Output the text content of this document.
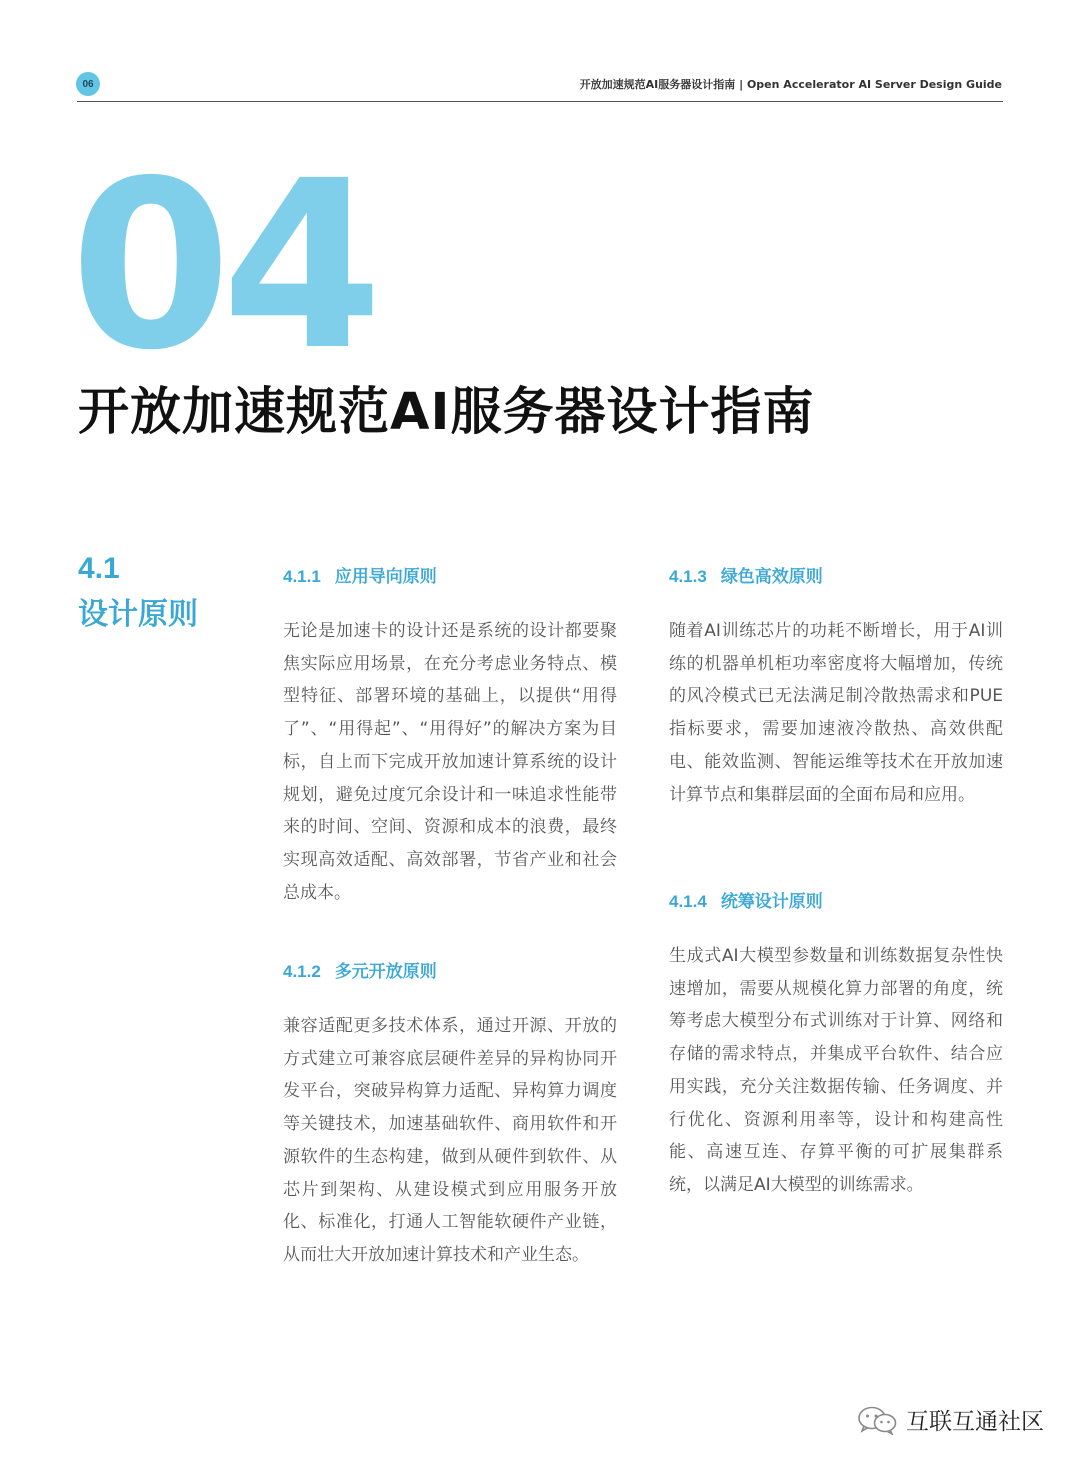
06	开放加速规范AI服务器设计指南 | Open Accelerator AI Server Design Guide
04
开放加速规范AI服务器设计指南
4.1
设计原则
4.1.1 应用导向原则

无论是加速卡的设计还是系统的设计都要聚焦实际应用场景，在充分考虑业务特点、模型特征、部署环境的基础上，以提供“用得了”、“用得起”、“用得好”的解决方案为目标，自上而下完成开放加速计算系统的设计规划，避免过度冗余设计和一味追求性能带来的时间、空间、资源和成本的浪费，最终实现高效适配、高效部署，节省产业和社会总成本。

4.1.2 多元开放原则

兼容适配更多技术体系，通过开源、开放的方式建立可兼容底层硬件差异的异构协同开发平台，突破异构算力适配、异构算力调度等关键技术，加速基础软件、商用软件和开源软件的生态构建，做到从硬件到软件、从芯片到架构、从建设模式到应用服务开放化、标准化，打通人工智能软硬件产业链，从而壮大开放加速计算技术和产业生态。

4.1.3 绿色高效原则

随着AI训练芯片的功耗不断增长，用于AI训练的机器单机柜功率密度将大幅增加，传统的风冷模式已无法满足制冷散热需求和PUE指标要求，需要加速液冷散热、高效供配电、能效监测、智能运维等技术在开放加速计算节点和集群层面的全面布局和应用。

4.1.4 统筹设计原则

生成式AI大模型参数量和训练数据复杂性快速增加，需要从规模化算力部署的角度，统筹考虑大模型分布式训练对于计算、网络和存储的需求特点，并集成平台软件、结合应用实践，充分关注数据传输、任务调度、并行优化、资源利用率等，设计和构建高性能、高速互连、存算平衡的可扩展集群系统，以满足AI大模型的训练需求。

互联互通社区
